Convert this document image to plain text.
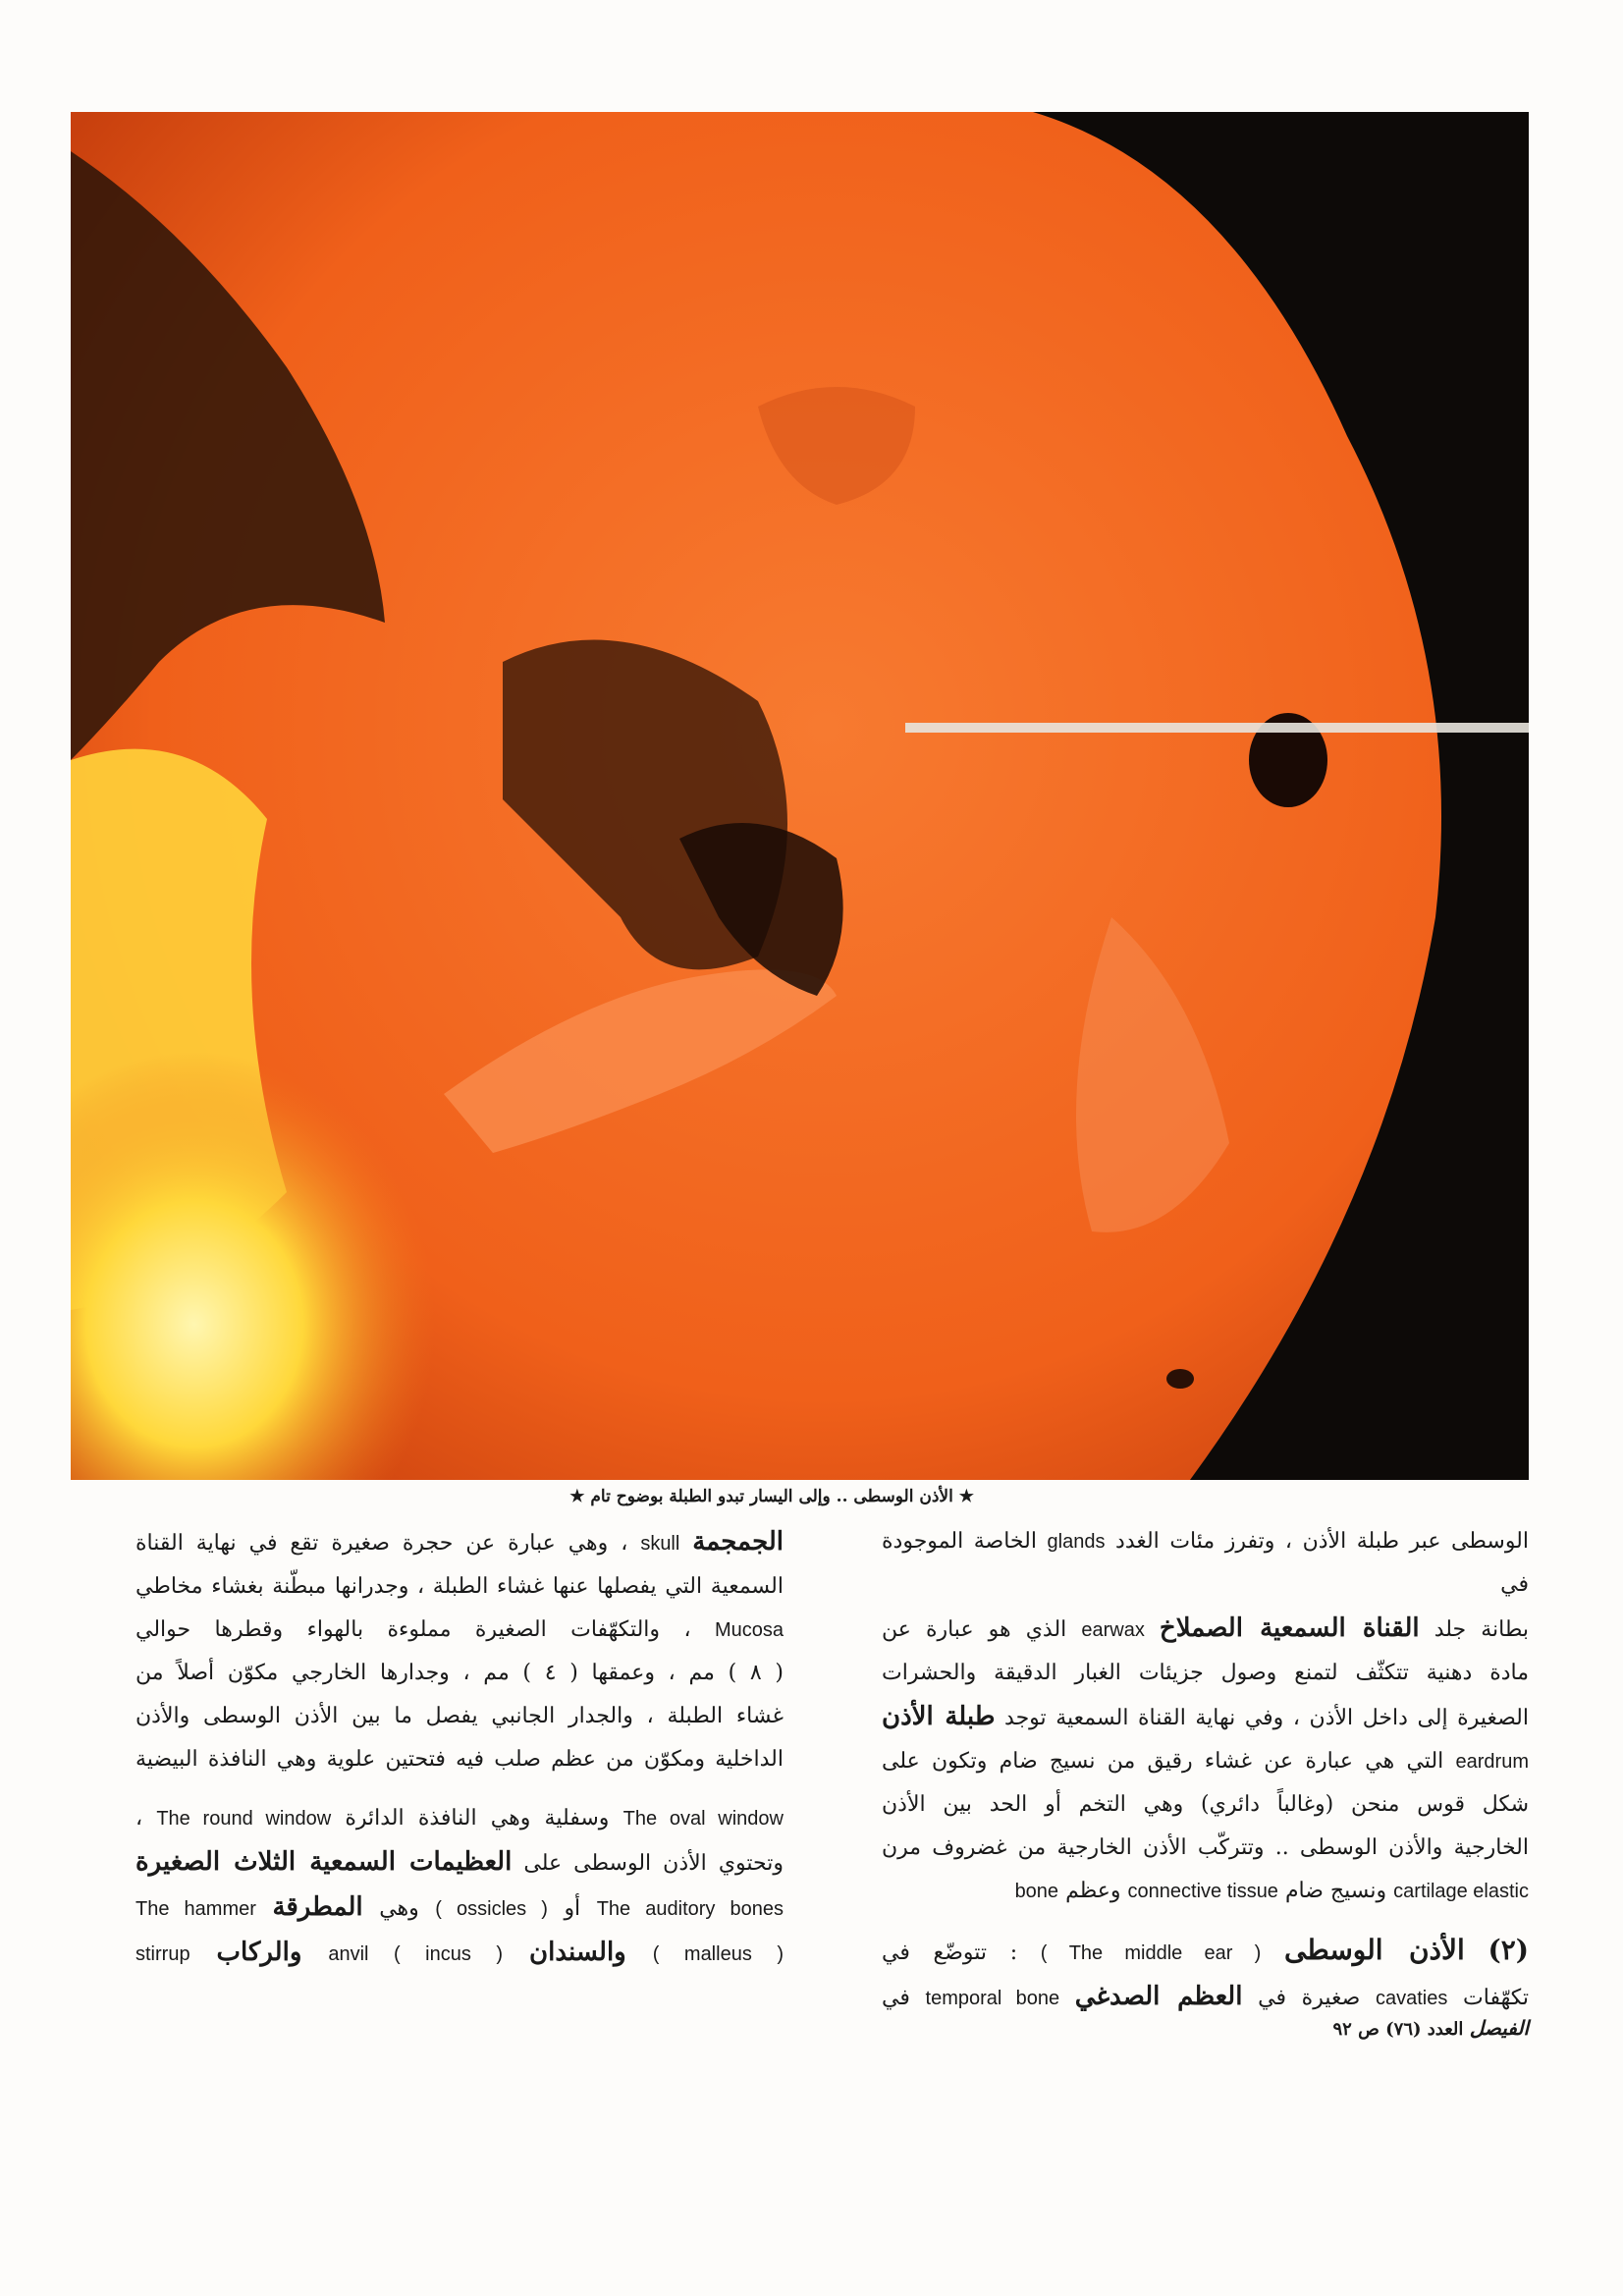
★ الأذن الوسطى .. وإلى اليسار تبدو الطبلة بوضوح تام ★

الوسطى عبر طبلة الأذن ، وتفرز مئات الغدد glands الخاصة الموجودة في

بطانة جلد القناة السمعية الصملاخ earwax الذي هو عبارة عن

مادة دهنية تتكثّف لتمنع وصول جزيئات الغبار الدقيقة والحشرات

الصغيرة إلى داخل الأذن ، وفي نهاية القناة السمعية توجد طبلة الأذن

eardrum التي هي عبارة عن غشاء رقيق من نسيج ضام وتكون على

شكل قوس منحن (وغالباً دائري) وهي التخم أو الحد بين الأذن

الخارجية والأذن الوسطى .. وتتركّب الأذن الخارجية من غضروف مرن

cartilage elastic ونسيج ضام connective tissue وعظم bone

(٢) الأذن الوسطى ( The middle ear ) : تتوضّع في

تكهّفات cavaties صغيرة في العظم الصدغي temporal bone في

الجمجمة skull ، وهي عبارة عن حجرة صغيرة تقع في نهاية القناة

السمعية التي يفصلها عنها غشاء الطبلة ، وجدرانها مبطّنة بغشاء مخاطي

Mucosa ، والتكهّفات الصغيرة مملوءة بالهواء وقطرها حوالي

( ٨ ) مم ، وعمقها ( ٤ ) مم ، وجدارها الخارجي مكوّن أصلاً من

غشاء الطبلة ، والجدار الجانبي يفصل ما بين الأذن الوسطى والأذن

الداخلية ومكوّن من عظم صلب فيه فتحتين علوية وهي النافذة البيضية

The oval window وسفلية وهي النافذة الدائرة The round window ،

وتحتوي الأذن الوسطى على العظيمات السمعية الثلاث الصغيرة

The auditory bones أو ( ossicles ) وهي المطرقة The hammer

( malleus ) والسندان anvil ( incus ) والركاب stirrup

الفيصل العدد (٧٦) ص ٩٢
